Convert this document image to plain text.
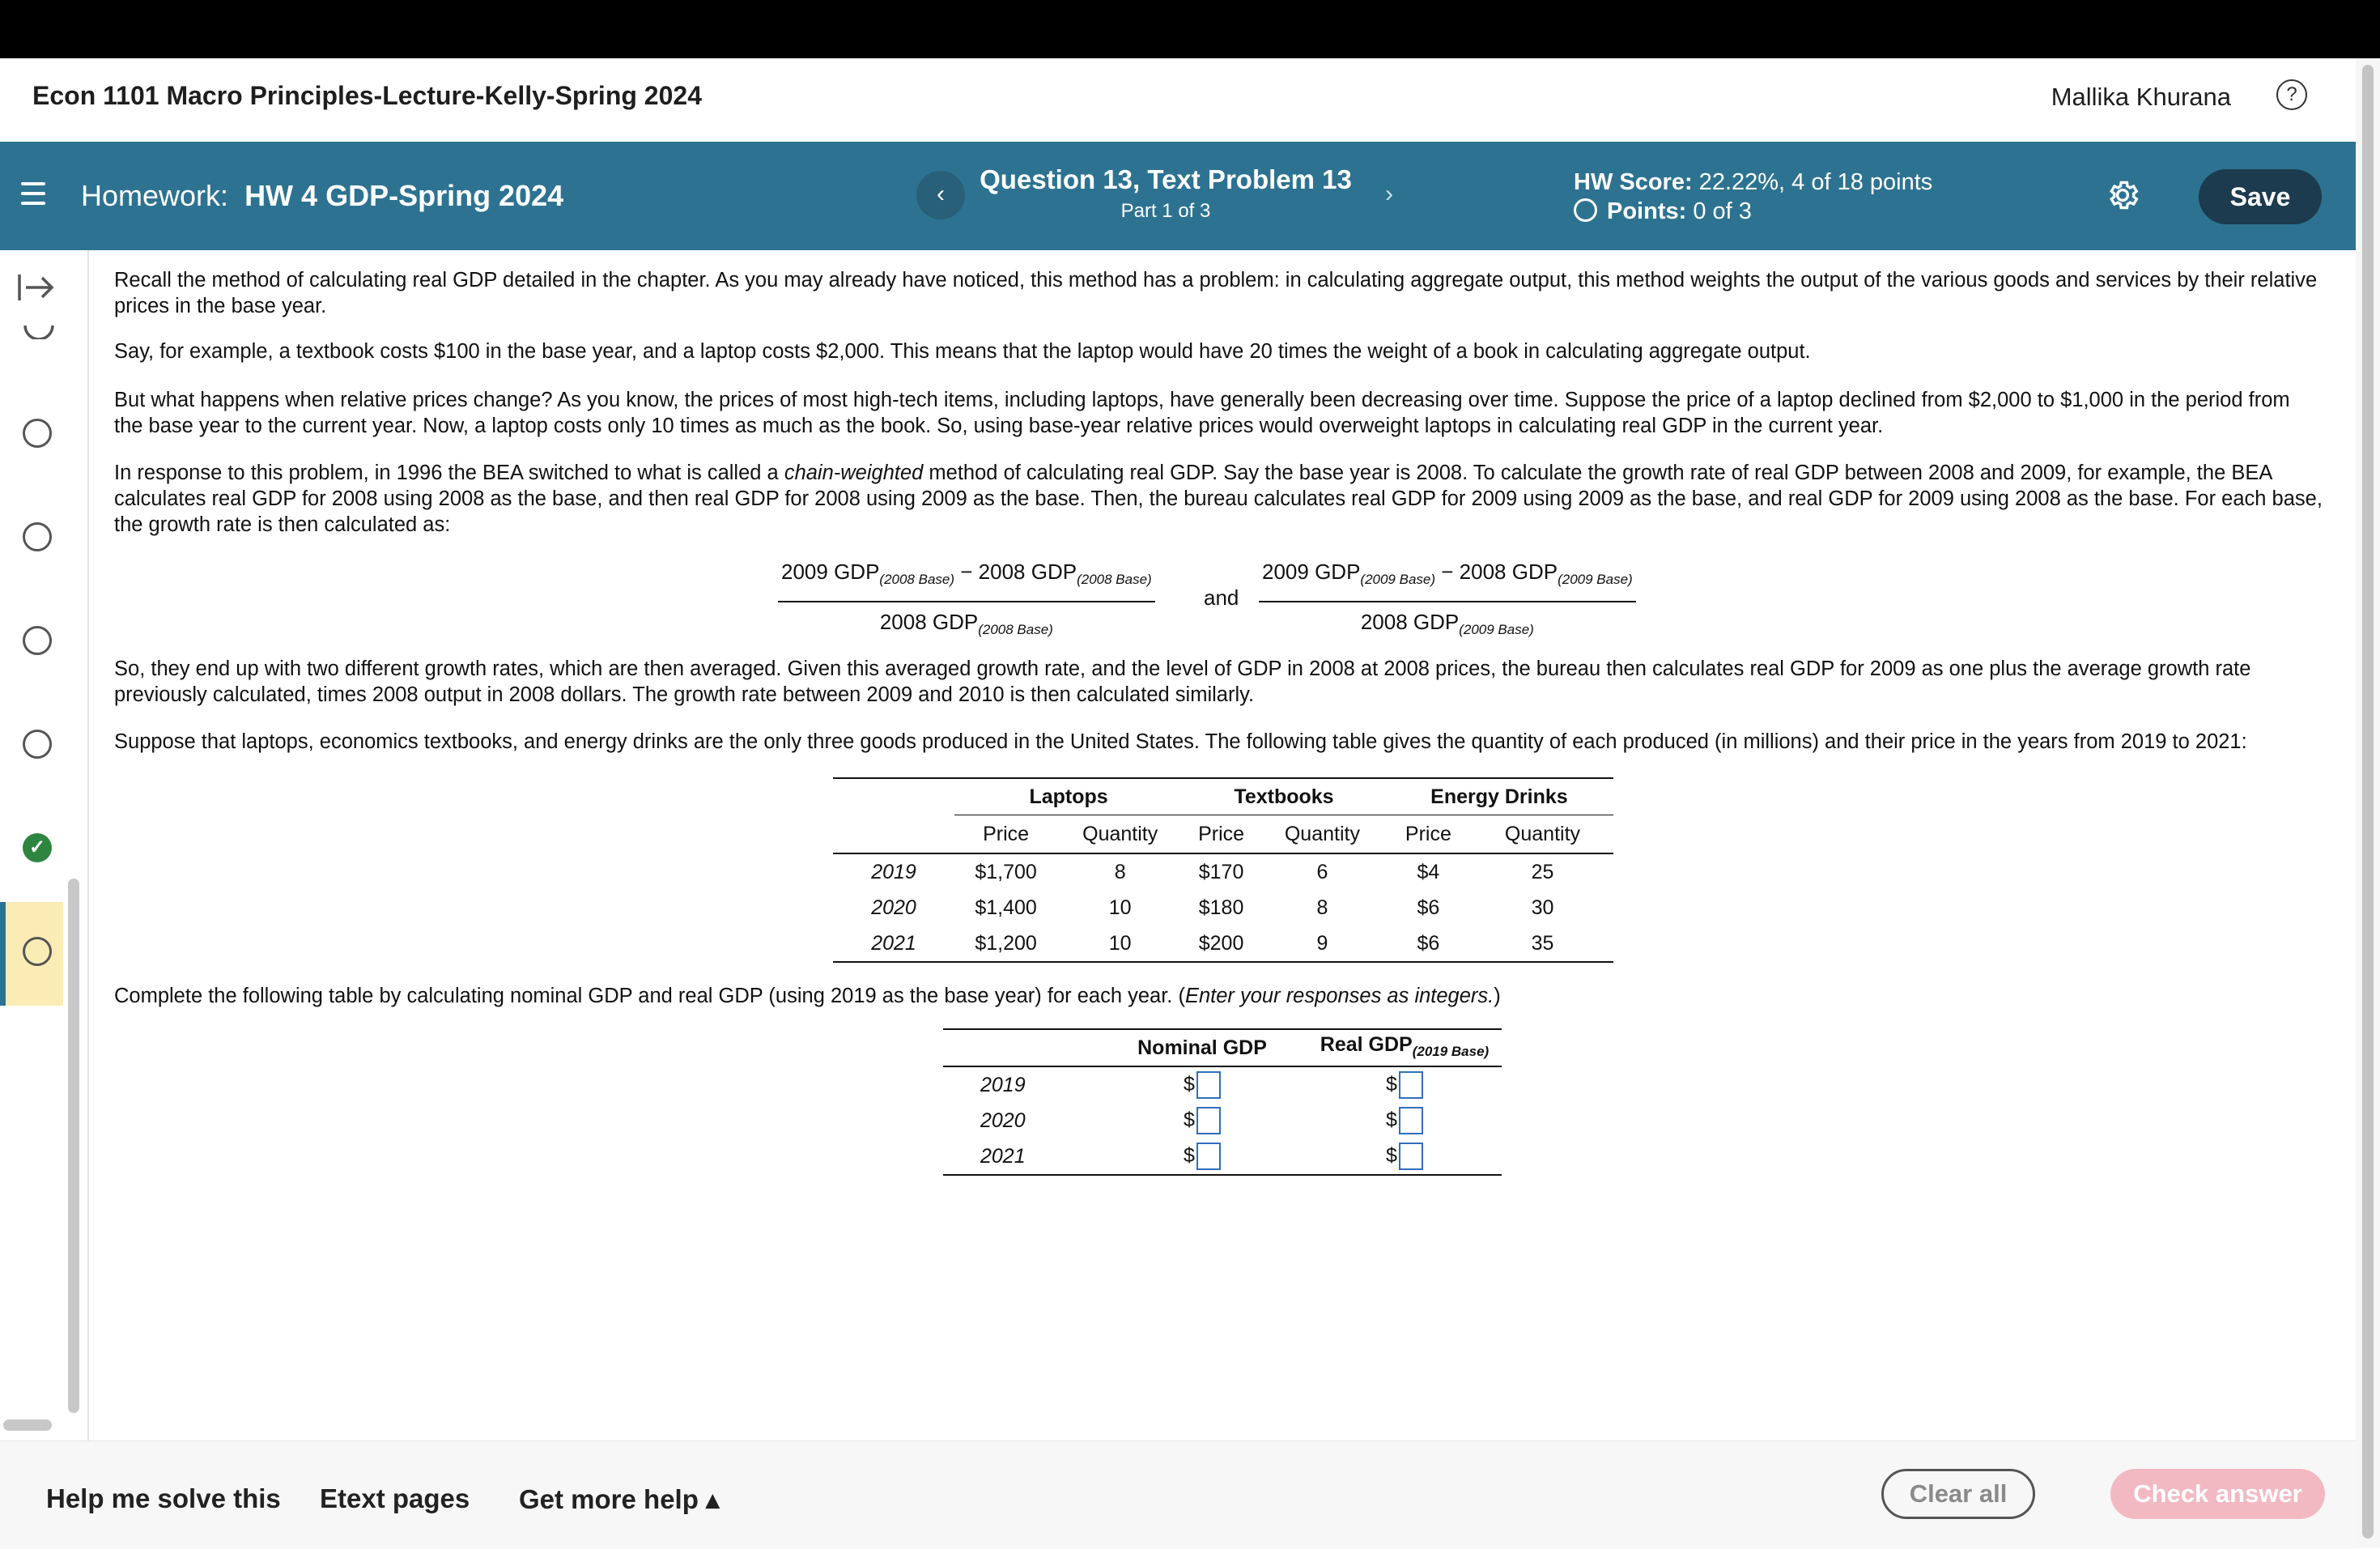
Econ 1101 Macro Principles-Lecture-Kelly-Spring 2024	Mallika Khurana	?
Homework: HW 4 GDP-Spring 2024	‹	Question 13, Text Problem 13
Part 1 of 3
›	HW Score: 22.22%, 4 of 18 points
Points: 0 of 3	Save
✓

Recall the method of calculating real GDP detailed in the chapter. As you may already have noticed, this method has a problem: in calculating aggregate output, this method weights the output of the various goods and services by their relative prices in the base year.

Say, for example, a textbook costs $100 in the base year, and a laptop costs $2,000. This means that the laptop would have 20 times the weight of a book in calculating aggregate output.

But what happens when relative prices change? As you know, the prices of most high-tech items, including laptops, have generally been decreasing over time. Suppose the price of a laptop declined from $2,000 to $1,000 in the period from the base year to the current year. Now, a laptop costs only 10 times as much as the book. So, using base-year relative prices would overweight laptops in calculating real GDP in the current year.

In response to this problem, in 1996 the BEA switched to what is called a chain-weighted method of calculating real GDP. Say the base year is 2008. To calculate the growth rate of real GDP between 2008 and 2009, for example, the BEA calculates real GDP for 2008 using 2008 as the base, and then real GDP for 2008 using 2009 as the base. Then, the bureau calculates real GDP for 2009 using 2009 as the base, and real GDP for 2009 using 2008 as the base. For each base, the growth rate is then calculated as:

2009 $GDP_{(2008 Base)} - 2008$ $GDP_{(2008 Base)}$
2008 $GDP_{(2008 Base)}$
and
2009 $GDP_{(2009 Base)} - 2008$ $GDP_{(2009 Base)}$
2008 $GDP_{(2009 Base)}$

So, they end up with two different growth rates, which are then averaged. Given this averaged growth rate, and the level of GDP in 2008 at 2008 prices, the bureau then calculates real GDP for 2009 as one plus the average growth rate previously calculated, times 2008 output in 2008 dollars. The growth rate between 2009 and 2010 is then calculated similarly.

Suppose that laptops, economics textbooks, and energy drinks are the only three goods produced in the United States. The following table gives the quantity of each produced (in millions) and their price in the years from 2019 to 2021:

	Laptops		Textbooks		Energy Drinks	
	Price	Quantity	Price	Quantity	Price	Quantity
2019	$1,700	8	$170	6	$4	25
2020	$1,400	10	$180	8	$6	30
2021	$1,200	10	$200	9	$6	35

Complete the following table by calculating nominal GDP and real GDP (using 2019 as the base year) for each year. (Enter your responses as integers.)

	Nominal GDP	Real $GDP_{(2019 Base)}$
2019	$	$
2020	$	$
2021	$	$
Help me solve this Etext pages Get more help ▴	Clear all	Check answer
